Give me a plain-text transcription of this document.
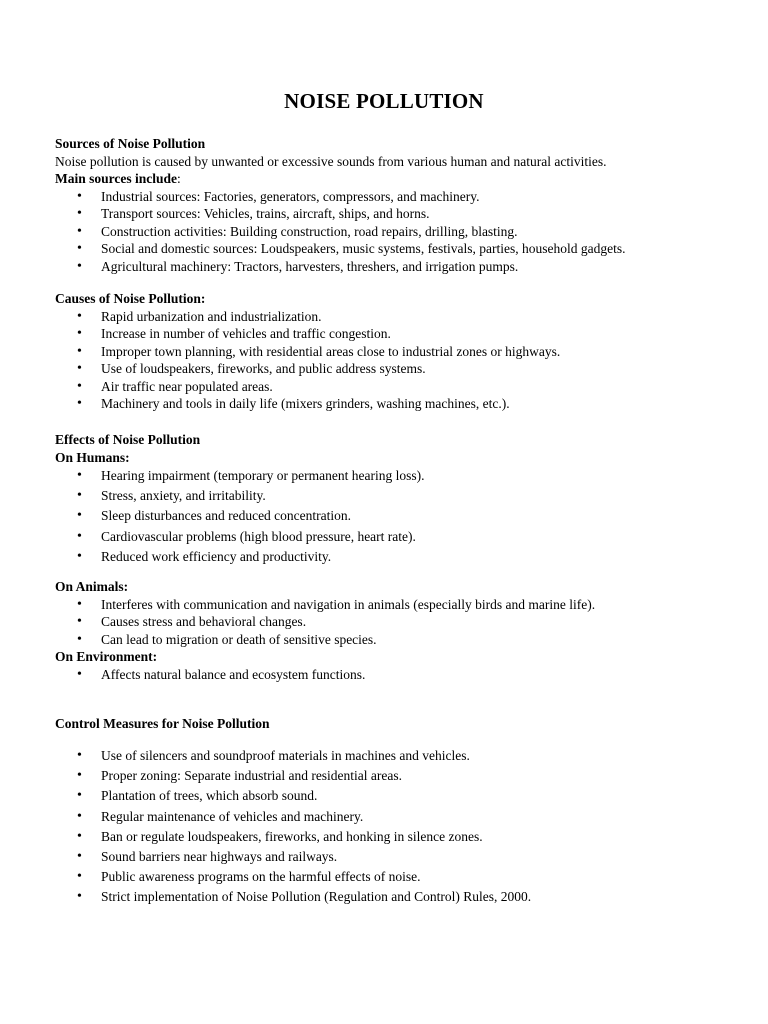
NOISE POLLUTION
Sources of Noise Pollution
Noise pollution is caused by unwanted or excessive sounds from various human and natural activities.
Main sources include:
• Industrial sources: Factories, generators, compressors, and machinery.
• Transport sources: Vehicles, trains, aircraft, ships, and horns.
• Construction activities: Building construction, road repairs, drilling, blasting.
• Social and domestic sources: Loudspeakers, music systems, festivals, parties, household gadgets.
• Agricultural machinery: Tractors, harvesters, threshers, and irrigation pumps.
Causes of Noise Pollution:
• Rapid urbanization and industrialization.
• Increase in number of vehicles and traffic congestion.
• Improper town planning, with residential areas close to industrial zones or highways.
• Use of loudspeakers, fireworks, and public address systems.
• Air traffic near populated areas.
• Machinery and tools in daily life (mixers grinders, washing machines, etc.).
Effects of Noise Pollution
On Humans:
• Hearing impairment (temporary or permanent hearing loss).
• Stress, anxiety, and irritability.
• Sleep disturbances and reduced concentration.
• Cardiovascular problems (high blood pressure, heart rate).
• Reduced work efficiency and productivity.
On Animals:
• Interferes with communication and navigation in animals (especially birds and marine life).
• Causes stress and behavioral changes.
• Can lead to migration or death of sensitive species.
On Environment:
• Affects natural balance and ecosystem functions.
Control Measures for Noise Pollution
• Use of silencers and soundproof materials in machines and vehicles.
• Proper zoning: Separate industrial and residential areas.
• Plantation of trees, which absorb sound.
• Regular maintenance of vehicles and machinery.
• Ban or regulate loudspeakers, fireworks, and honking in silence zones.
• Sound barriers near highways and railways.
• Public awareness programs on the harmful effects of noise.
• Strict implementation of Noise Pollution (Regulation and Control) Rules, 2000.
